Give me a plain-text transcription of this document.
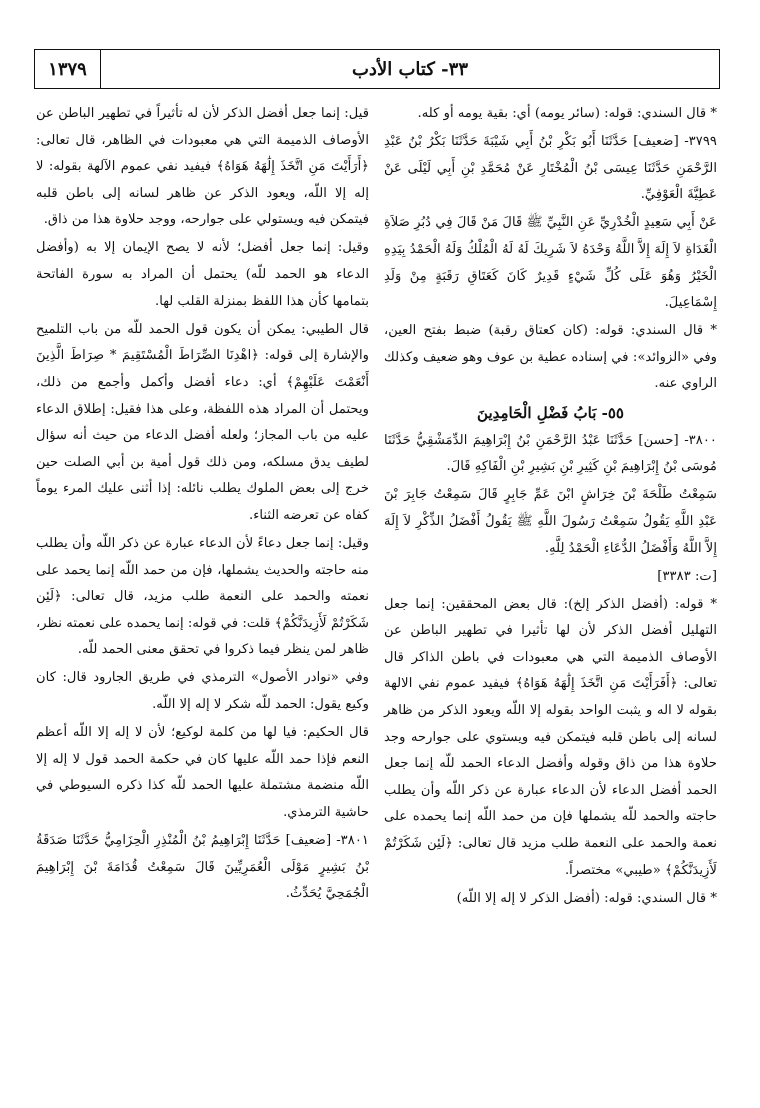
٣٣- كتاب الأدب
١٣٧٩

* قال السندي: قوله: (سائر يومه) أي: بقية يومه أو كله.

٣٧٩٩- [ضعيف] حَدَّثَنَا أَبُو بَكْرِ بْنُ أَبِي شَيْبَةَ حَدَّثَنَا بَكْرُ بْنُ عَبْدِ الرَّحْمَنِ حَدَّثَنَا عِيسَى بْنُ الْمُخْتَارِ عَنْ مُحَمَّدِ بْنِ أَبِي لَيْلَى عَنْ عَطِيَّةَ الْعَوْفِيِّ.

عَنْ أَبِي سَعِيدٍ الْخُدْرِيِّ عَنِ النَّبِيِّ ﷺ قَالَ مَنْ قَالَ فِي دُبُرِ صَلاَةِ الْغَدَاةِ لاَ إِلَهَ إِلاَّ اللَّهُ وَحْدَهُ لاَ شَرِيكَ لَهُ لَهُ الْمُلْكُ وَلَهُ الْحَمْدُ بِيَدِهِ الْخَيْرُ وَهُوَ عَلَى كُلِّ شَيْءٍ قَدِيرٌ كَانَ كَعَتَاقِ رَقَبَةٍ مِنْ وَلَدِ إِسْمَاعِيلَ.

* قال السندي: قوله: (كان كعتاق رقبة) ضبط بفتح العين، وفي «الزوائد»: في إسناده عطية بن عوف وهو ضعيف وكذلك الراوي عنه.

٥٥- بَابُ فَضْلِ الْحَامِدِينَ

٣٨٠٠- [حسن] حَدَّثَنَا عَبْدُ الرَّحْمَنِ بْنُ إِبْرَاهِيمَ الدِّمَشْقِيُّ حَدَّثَنَا مُوسَى بْنُ إِبْرَاهِيمَ بْنِ كَثِيرِ بْنِ بَشِيرِ بْنِ الْفَاكِهِ قَالَ.

سَمِعْتُ طَلْحَةَ بْنَ خِرَاشٍ ابْنَ عَمِّ جَابِرٍ قَالَ سَمِعْتُ جَابِرَ بْنَ عَبْدِ اللَّهِ يَقُولُ سَمِعْتُ رَسُولَ اللَّهِ ﷺ يَقُولُ أَفْضَلُ الذِّكْرِ لاَ إِلَهَ إِلاَّ اللَّهُ وَأَفْضَلُ الدُّعَاءِ الْحَمْدُ لِلَّهِ.

[ت: ٣٣٨٣]

* قوله: (أفضل الذكر إلخ): قال بعض المحققين: إنما جعل التهليل أفضل الذكر لأن لها تأثيرا في تطهير الباطن عن الأوصاف الذميمة التي هي معبودات في باطن الذاكر قال تعالى: ﴿أَفَرَأَيْتَ مَنِ اتَّخَذَ إِلَٰهَهُ هَوَاهُ﴾ فيفيد عموم نفي الالهة بقوله لا اله و يثبت الواحد بقوله إلا اللّه ويعود الذكر من ظاهر لسانه إلى باطن قلبه فيتمكن فيه ويستوي على جوارحه وجد حلاوة هذا من ذاق وقوله وأفضل الدعاء الحمد للّه إنما جعل الحمد أفضل الدعاء لأن الدعاء عبارة عن ذكر اللّه وأن يطلب حاجته والحمد للّه يشملها فإن من حمد اللّه إنما يحمده على نعمة والحمد على النعمة طلب مزيد قال تعالى: ﴿لَئِن شَكَرْتُمْ لَأَزِيدَنَّكُمْ﴾ «طيبي» مختصراً.

* قال السندي: قوله: (أفضل الذكر لا إله إلا اللّه)

قيل: إنما جعل أفضل الذكر لأن له تأثيراً في تطهير الباطن عن الأوصاف الذميمة التي هي معبودات في الظاهر، قال تعالى: ﴿أَرَأَيْتَ مَنِ اتَّخَذَ إِلَٰهَهُ هَوَاهُ﴾ فيفيد نفي عموم الآلهة بقوله: لا إله إلا اللّه، ويعود الذكر عن ظاهر لسانه إلى باطن قلبه فيتمكن فيه ويستولي على جوارحه، ووجد حلاوة هذا من ذاق.

وقيل: إنما جعل أفضل؛ لأنه لا يصح الإيمان إلا به (وأفضل الدعاء هو الحمد للّه) يحتمل أن المراد به سورة الفاتحة بتمامها كأن هذا اللفظ بمنزلة القلب لها.

قال الطيبي: يمكن أن يكون قول الحمد للّه من باب التلميح والإشارة إلى قوله: ﴿اهْدِنَا الصِّرَاطَ الْمُسْتَقِيمَ * صِرَاطَ الَّذِينَ أَنْعَمْتَ عَلَيْهِمْ﴾ أي: دعاء أفضل وأكمل وأجمع من ذلك، ويحتمل أن المراد هذه اللفظة، وعلى هذا فقيل: إطلاق الدعاء عليه من باب المجاز؛ ولعله أفضل الدعاء من حيث أنه سؤال لطيف يدق مسلكه، ومن ذلك قول أمية بن أبي الصلت حين خرج إلى بعض الملوك يطلب نائله: إذا أثنى عليك المرء يوماً كفاه عن تعرضه الثناء.

وقيل: إنما جعل دعاءً لأن الدعاء عبارة عن ذكر اللّه وأن يطلب منه حاجته والحديث يشملها، فإن من حمد اللّه إنما يحمد على نعمته والحمد على النعمة طلب مزيد، قال تعالى: ﴿لَئِن شَكَرْتُمْ لَأَزِيدَنَّكُمْ﴾ قلت: في قوله: إنما يحمده على نعمته نظر، ظاهر لمن ينظر فيما ذكروا في تحقق معنى الحمد للّه.

وفي «نوادر الأصول» الترمذي في طريق الجارود قال: كان وكيع يقول: الحمد للّه شكر لا إله إلا اللّه.

قال الحكيم: فيا لها من كلمة لوكيع؛ لأن لا إله إلا اللّه أعظم النعم فإذا حمد اللّه عليها كان في حكمة الحمد قول لا إله إلا اللّه منضمة مشتملة عليها الحمد للّه كذا ذكره السيوطي في حاشية الترمذي.

٣٨٠١- [ضعيف] حَدَّثَنَا إِبْرَاهِيمُ بْنُ الْمُنْذِرِ الْحِزَامِيُّ حَدَّثَنَا صَدَقَةُ بْنُ بَشِيرٍ مَوْلَى الْعُمَرِيِّينَ قَالَ سَمِعْتُ قُدَامَةَ بْنَ إِبْرَاهِيمَ الْجُمَحِيَّ يُحَدِّثُ.
